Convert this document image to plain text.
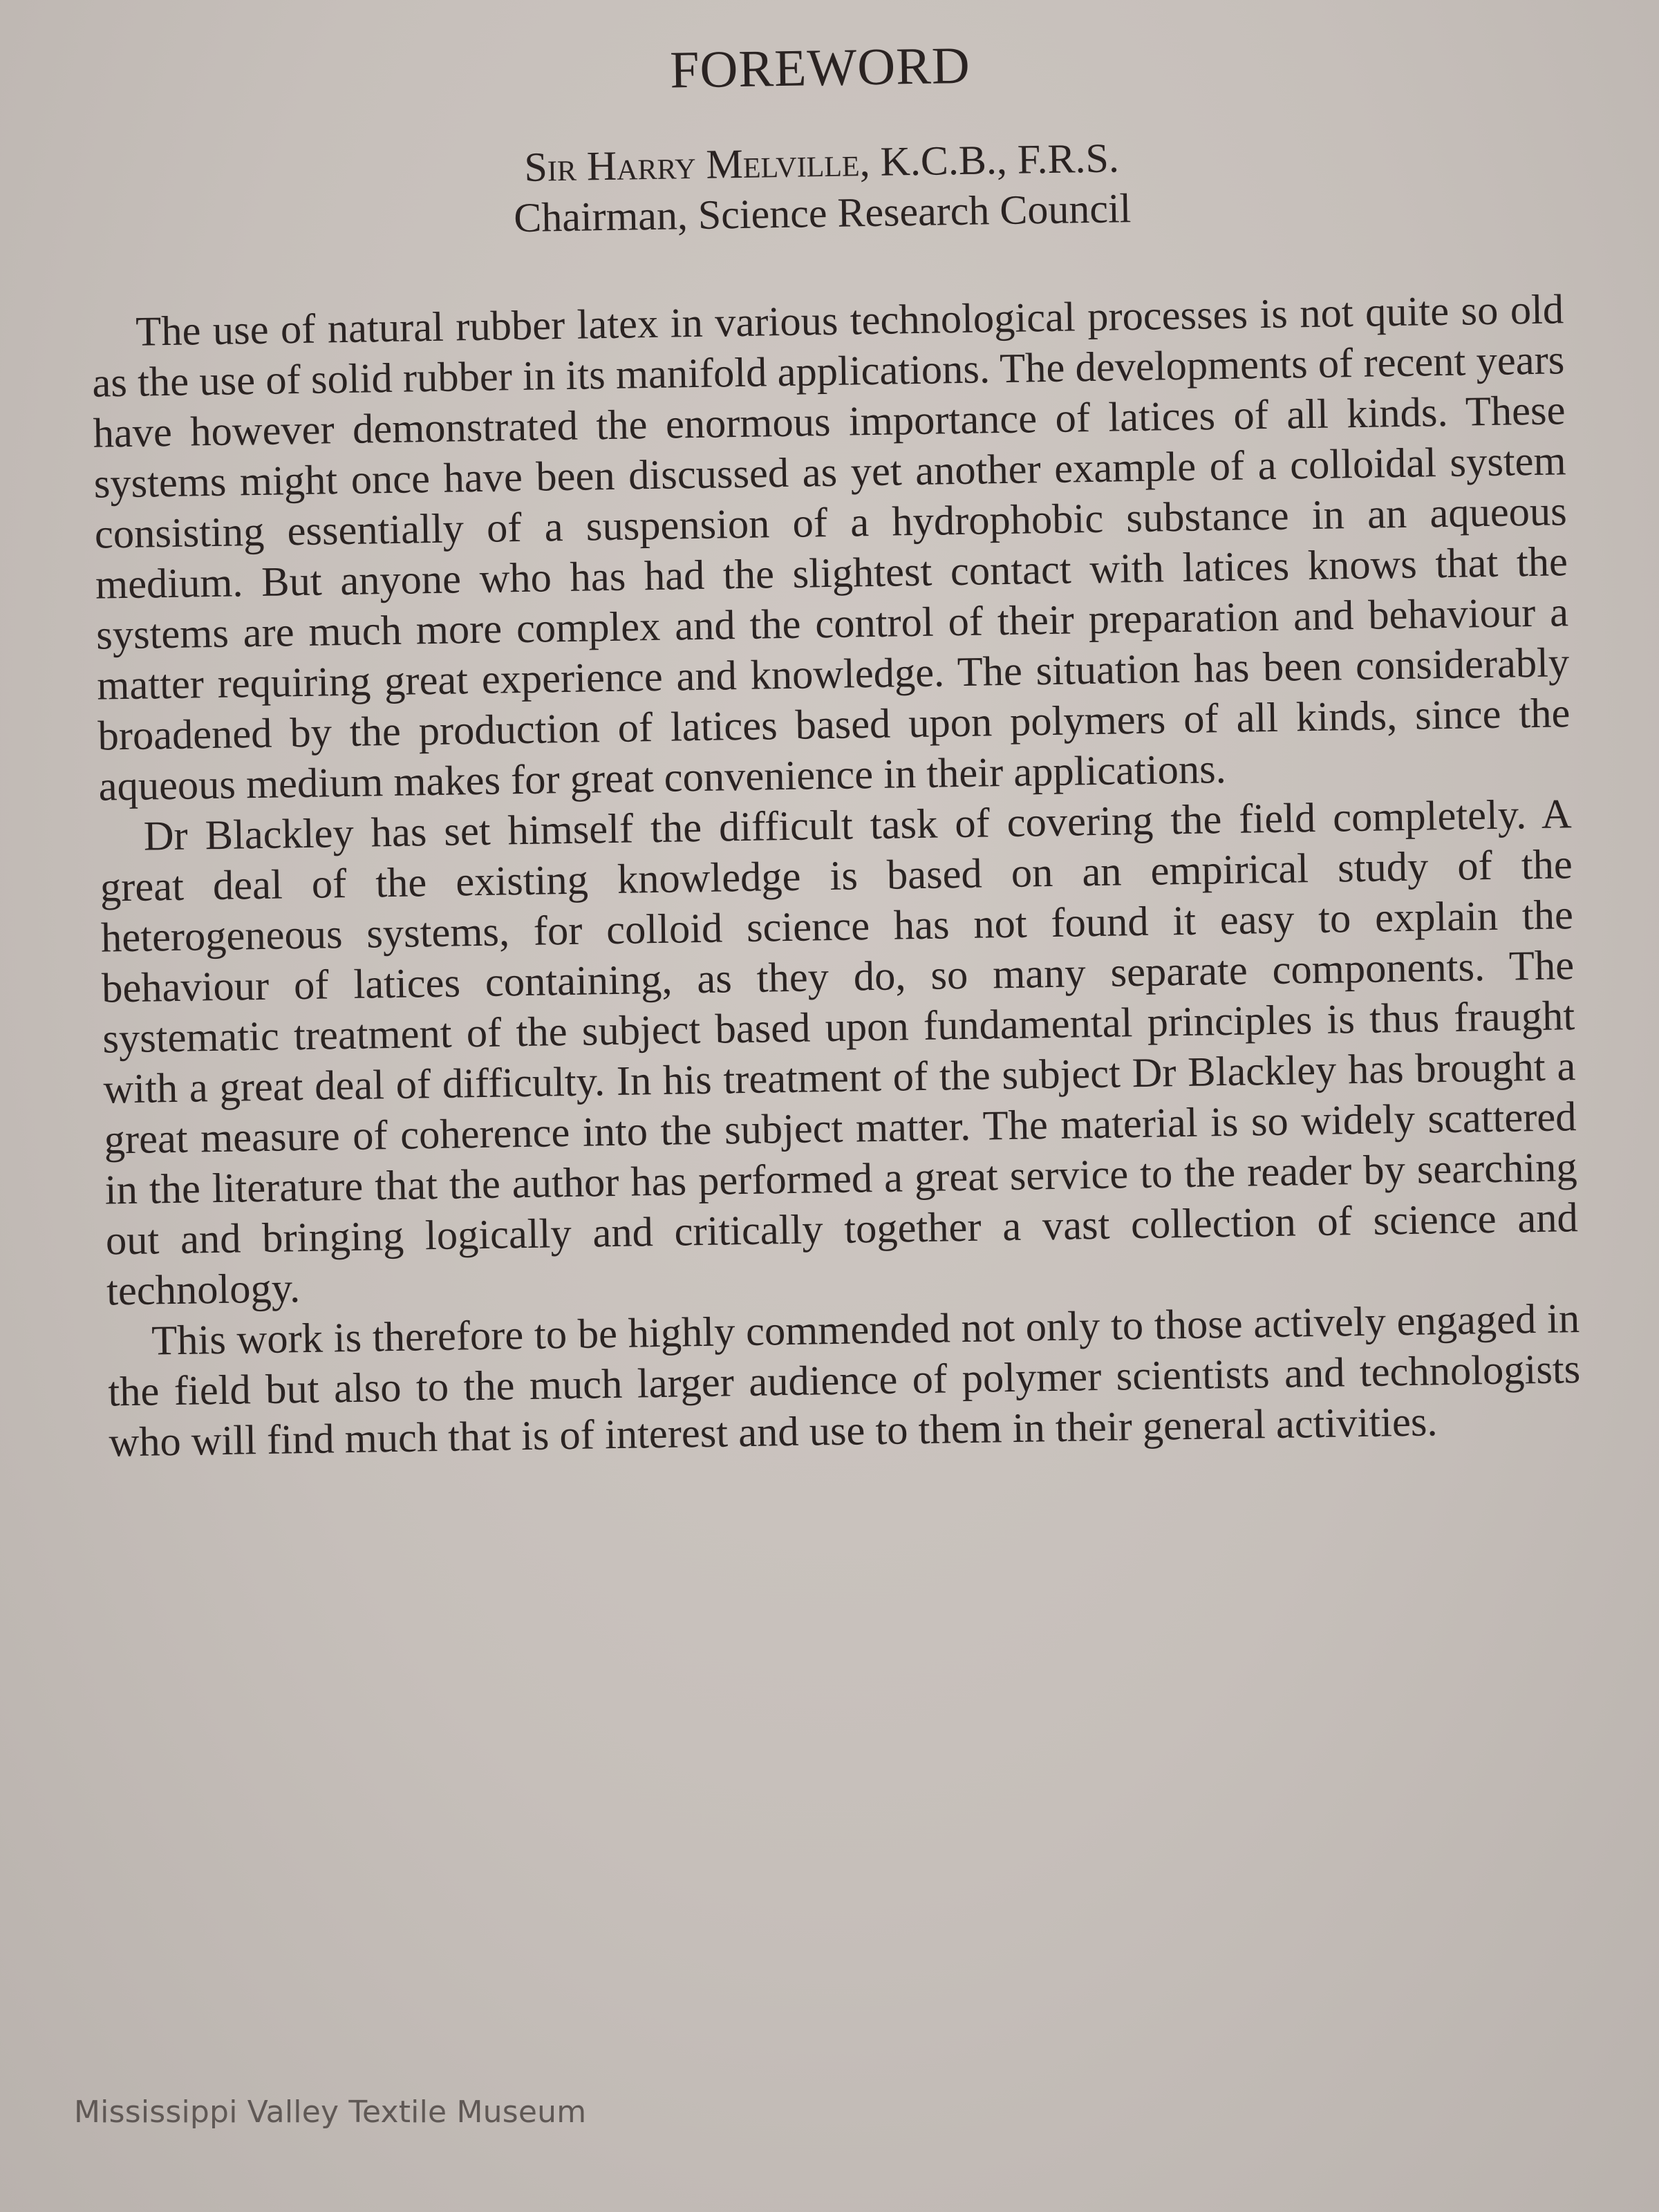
FOREWORD
Sir Harry Melville, K.C.B., F.R.S.
Chairman, Science Research Council

The use of natural rubber latex in various technological processes is not quite so old as the use of solid rubber in its manifold applications. The developments of recent years have however demonstrated the enormous importance of latices of all kinds. These systems might once have been discussed as yet another example of a colloidal system consisting essentially of a suspension of a hydrophobic substance in an aqueous medium. But anyone who has had the slightest contact with latices knows that the systems are much more complex and the control of their preparation and behaviour a matter requiring great experience and knowledge. The situation has been considerably broadened by the production of latices based upon polymers of all kinds, since the aqueous medium makes for great convenience in their applications.

Dr Blackley has set himself the difficult task of covering the field completely. A great deal of the existing knowledge is based on an empirical study of the heterogeneous systems, for colloid science has not found it easy to explain the behaviour of latices containing, as they do, so many separate components. The systematic treatment of the subject based upon fundamental principles is thus fraught with a great deal of difficulty. In his treatment of the subject Dr Blackley has brought a great measure of coherence into the subject matter. The material is so widely scattered in the literature that the author has performed a great service to the reader by searching out and bringing logically and critically together a vast collection of science and technology.

This work is therefore to be highly commended not only to those actively engaged in the field but also to the much larger audience of polymer scientists and technologists who will find much that is of interest and use to them in their general activities.

Mississippi Valley Textile Museum
